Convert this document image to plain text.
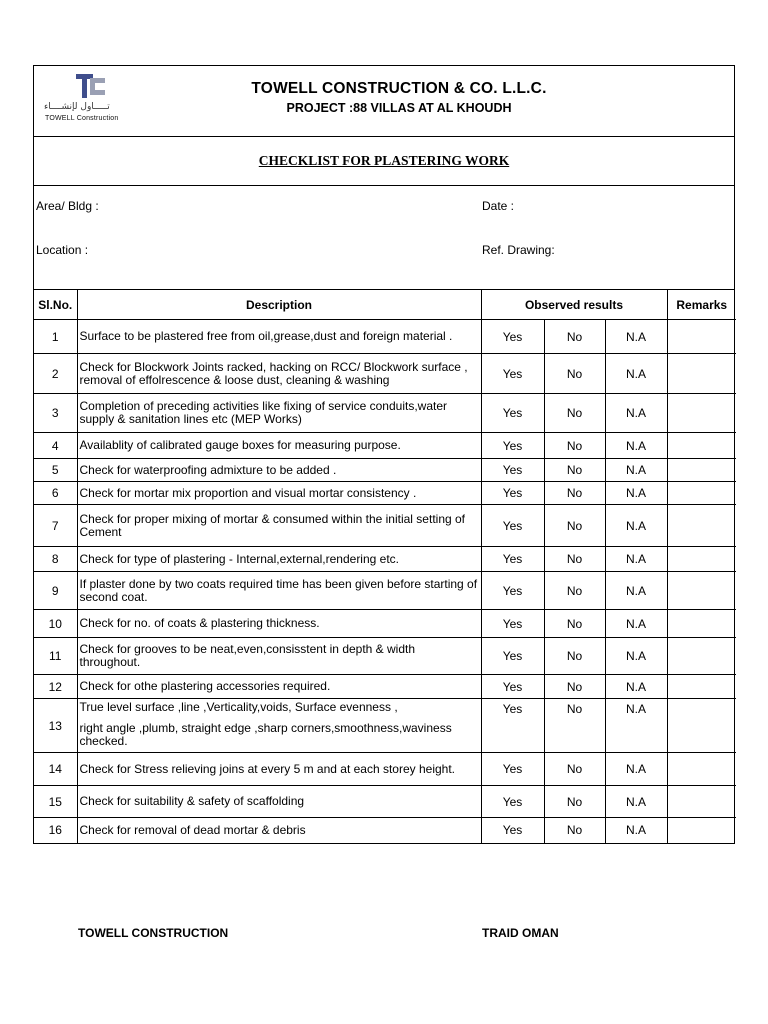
تـــــاول لإنشــــاء
TOWELL Construction
TOWELL CONSTRUCTION & CO. L.L.C.
PROJECT :88 VILLAS AT AL KHOUDH
CHECKLIST FOR PLASTERING WORK
Area/ Bldg :	Date :
Location :	Ref. Drawing:
Sl.No.	Description	Observed results			Remarks
1	Surface to be plastered free from oil,grease,dust and foreign material .	Yes	No	N.A	
2	Check for Blockwork Joints racked, hacking on RCC/ Blockwork surface , removal of effolrescence & loose dust, cleaning & washing	Yes	No	N.A	
3	Completion of preceding activities like fixing of service conduits,water supply & sanitation lines etc (MEP Works)	Yes	No	N.A	
4	Availablity of calibrated gauge boxes for measuring purpose.	Yes	No	N.A	
5	Check for waterproofing admixture to be added .	Yes	No	N.A	
6	Check for mortar mix proportion and visual mortar consistency .	Yes	No	N.A	
7	Check for proper mixing of mortar & consumed within the initial setting of Cement	Yes	No	N.A	
8	Check for type of plastering - Internal,external,rendering etc.	Yes	No	N.A	
9	If plaster done by two coats required time has been given before starting of second coat.	Yes	No	N.A	
10	Check for no. of coats & plastering thickness.	Yes	No	N.A	
11	Check for grooves to be neat,even,consisstent in depth & width throughout.	Yes	No	N.A	
12	Check for othe plastering accessories required.	Yes	No	N.A	
13	True level surface ,line ,Verticality,voids, Surface evenness ,
right angle ,plumb, straight edge ,sharp corners,smoothness,waviness checked.	Yes	No	N.A	
14	Check for Stress relieving joins at every 5 m and at each storey height.	Yes	No	N.A	
15	Check for suitability & safety of scaffolding	Yes	No	N.A	
16	Check for removal of dead mortar & debris	Yes	No	N.A	
TOWELL CONSTRUCTION	TRAID OMAN
